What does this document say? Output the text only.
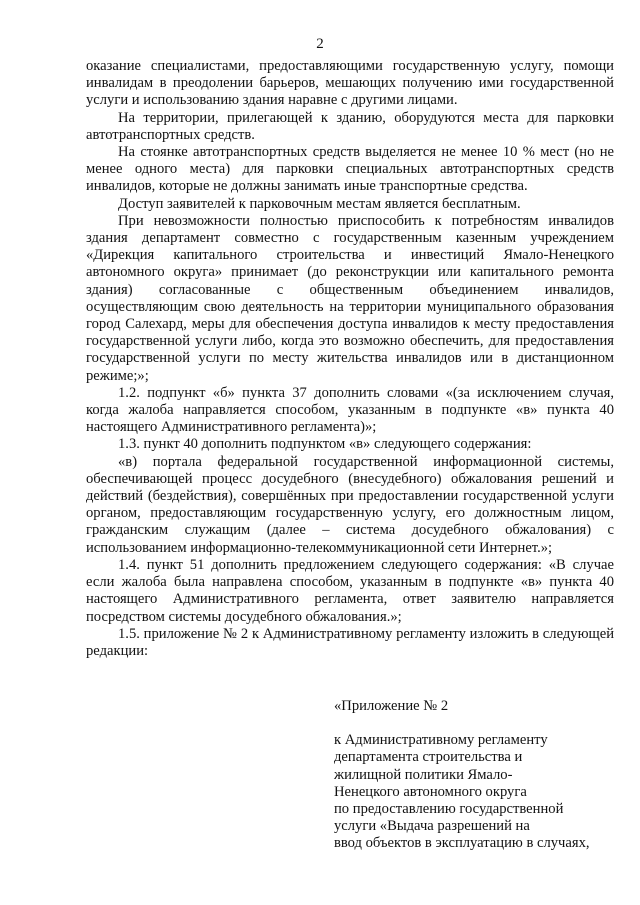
2

оказание специалистами, предоставляющими государственную услугу, помощи инвалидам в преодолении барьеров, мешающих получению ими государственной услуги и использованию здания наравне с другими лицами.

На территории, прилегающей к зданию, оборудуются места для парковки автотранспортных средств.

На стоянке автотранспортных средств выделяется не менее 10 % мест (но не менее одного места) для парковки специальных автотранспортных средств инвалидов, которые не должны занимать иные транспортные средства.

Доступ заявителей к парковочным местам является бесплатным.

При невозможности полностью приспособить к потребностям инвалидов здания департамент совместно с государственным казенным учреждением «Дирекция капитального строительства и инвестиций Ямало-Ненецкого автономного округа» принимает (до реконструкции или капитального ремонта здания) согласованные с общественным объединением инвалидов, осуществляющим свою деятельность на территории муниципального образования город Салехард, меры для обеспечения доступа инвалидов к месту предоставления государственной услуги либо, когда это возможно обеспечить, для предоставления государственной услуги по месту жительства инвалидов или в дистанционном режиме;»;

1.2. подпункт «б» пункта 37 дополнить словами «(за исключением случая, когда жалоба направляется способом, указанным в подпункте «в» пункта 40 настоящего Административного регламента)»;

1.3. пункт 40 дополнить подпунктом «в» следующего содержания:

«в) портала федеральной государственной информационной системы, обеспечивающей процесс досудебного (внесудебного) обжалования решений и действий (бездействия), совершённых при предоставлении государственной услуги органом, предоставляющим государственную услугу, его должностным лицом, гражданским служащим (далее – система досудебного обжалования) с использованием информационно-телекоммуникационной сети Интернет.»;

1.4. пункт 51 дополнить предложением следующего содержания: «В случае если жалоба была направлена способом, указанным в подпункте «в» пункта 40 настоящего Административного регламента, ответ заявителю направляется посредством системы досудебного обжалования.»;

1.5. приложение № 2 к Административному регламенту изложить в следующей редакции:

«Приложение № 2
к Административному регламенту
департамента строительства и
жилищной политики Ямало-
Ненецкого автономного округа
по предоставлению государственной
услуги «Выдача разрешений на
ввод объектов в эксплуатацию в случаях,
